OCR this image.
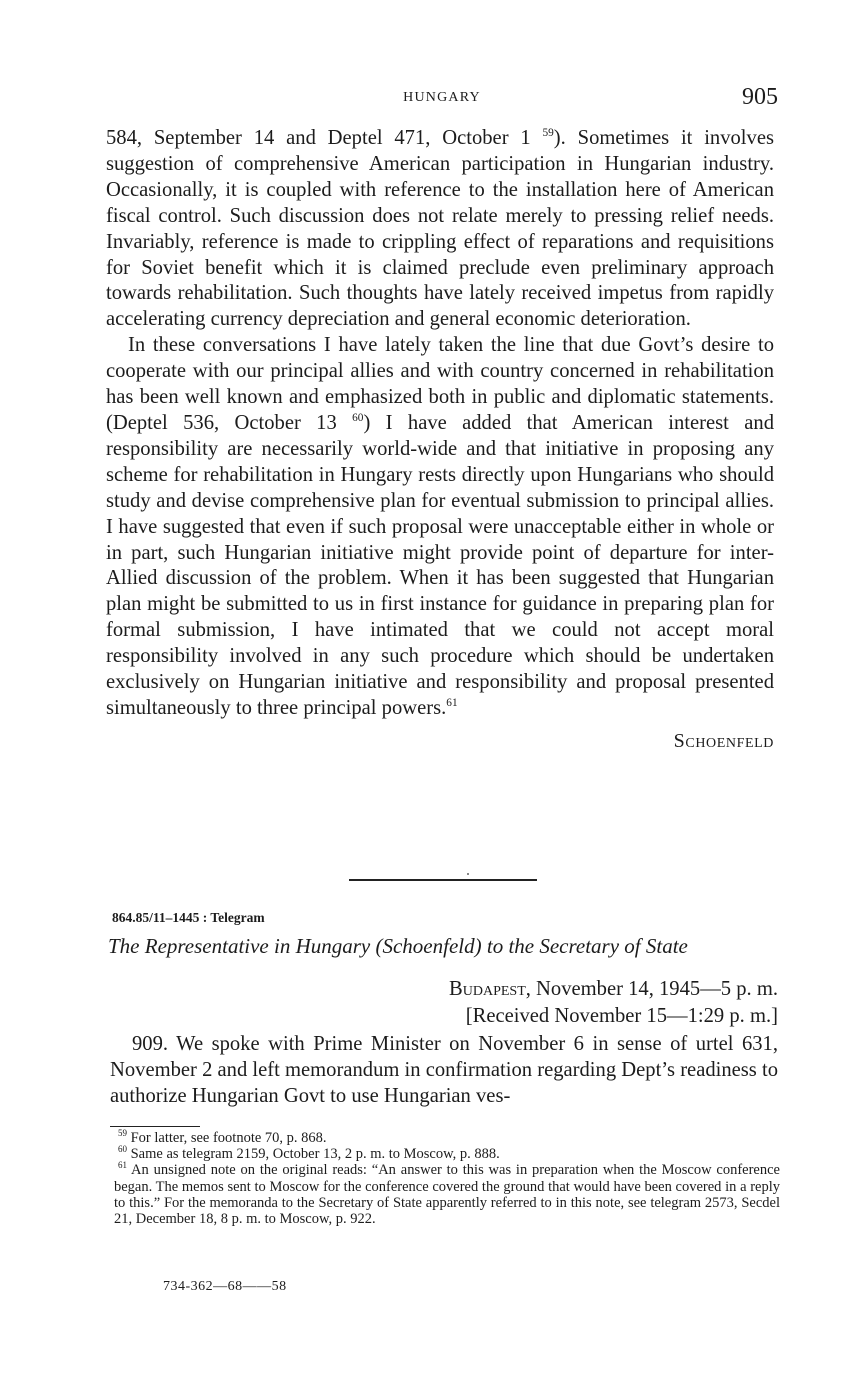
HUNGARY	905

584, September 14 and Deptel 471, October 1 $^{59}$). Sometimes it involves suggestion of comprehensive American participation in Hungarian industry. Occasionally, it is coupled with reference to the installation here of American fiscal control. Such discussion does not relate merely to pressing relief needs. Invariably, reference is made to crippling effect of reparations and requisitions for Soviet benefit which it is claimed preclude even preliminary approach towards rehabilitation. Such thoughts have lately received impetus from rapidly accelerating currency depreciation and general economic deterioration.

In these conversations I have lately taken the line that due Govt’s desire to cooperate with our principal allies and with country concerned in rehabilitation has been well known and emphasized both in public and diplomatic statements. (Deptel 536, October 13 $^{60}$) I have added that American interest and responsibility are necessarily world-wide and that initiative in proposing any scheme for rehabilitation in Hungary rests directly upon Hungarians who should study and devise comprehensive plan for eventual submission to principal allies. I have suggested that even if such proposal were unacceptable either in whole or in part, such Hungarian initiative might provide point of departure for inter-Allied discussion of the problem. When it has been suggested that Hungarian plan might be submitted to us in first instance for guidance in preparing plan for formal submission, I have intimated that we could not accept moral responsibility involved in any such procedure which should be undertaken exclusively on Hungarian initiative and responsibility and proposal presented simultaneously to three principal powers.$^{61}$

Schoenfeld
864.85/11–1445 : Telegram
The Representative in Hungary (Schoenfeld) to the Secretary of State
Budapest, November 14, 1945—5 p. m.
[Received November 15—1:29 p. m.]

909. We spoke with Prime Minister on November 6 in sense of urtel 631, November 2 and left memorandum in confirmation regarding Dept’s readiness to authorize Hungarian Govt to use Hungarian ves-

$^{59}$ For latter, see footnote 70, p. 868.

$^{60}$ Same as telegram 2159, October 13, 2 p. m. to Moscow, p. 888.

$^{61}$ An unsigned note on the original reads: “An answer to this was in preparation when the Moscow conference began. The memos sent to Moscow for the conference covered the ground that would have been covered in a reply to this.” For the memoranda to the Secretary of State apparently referred to in this note, see telegram 2573, Secdel 21, December 18, 8 p. m. to Moscow, p. 922.

734-362—68——58
